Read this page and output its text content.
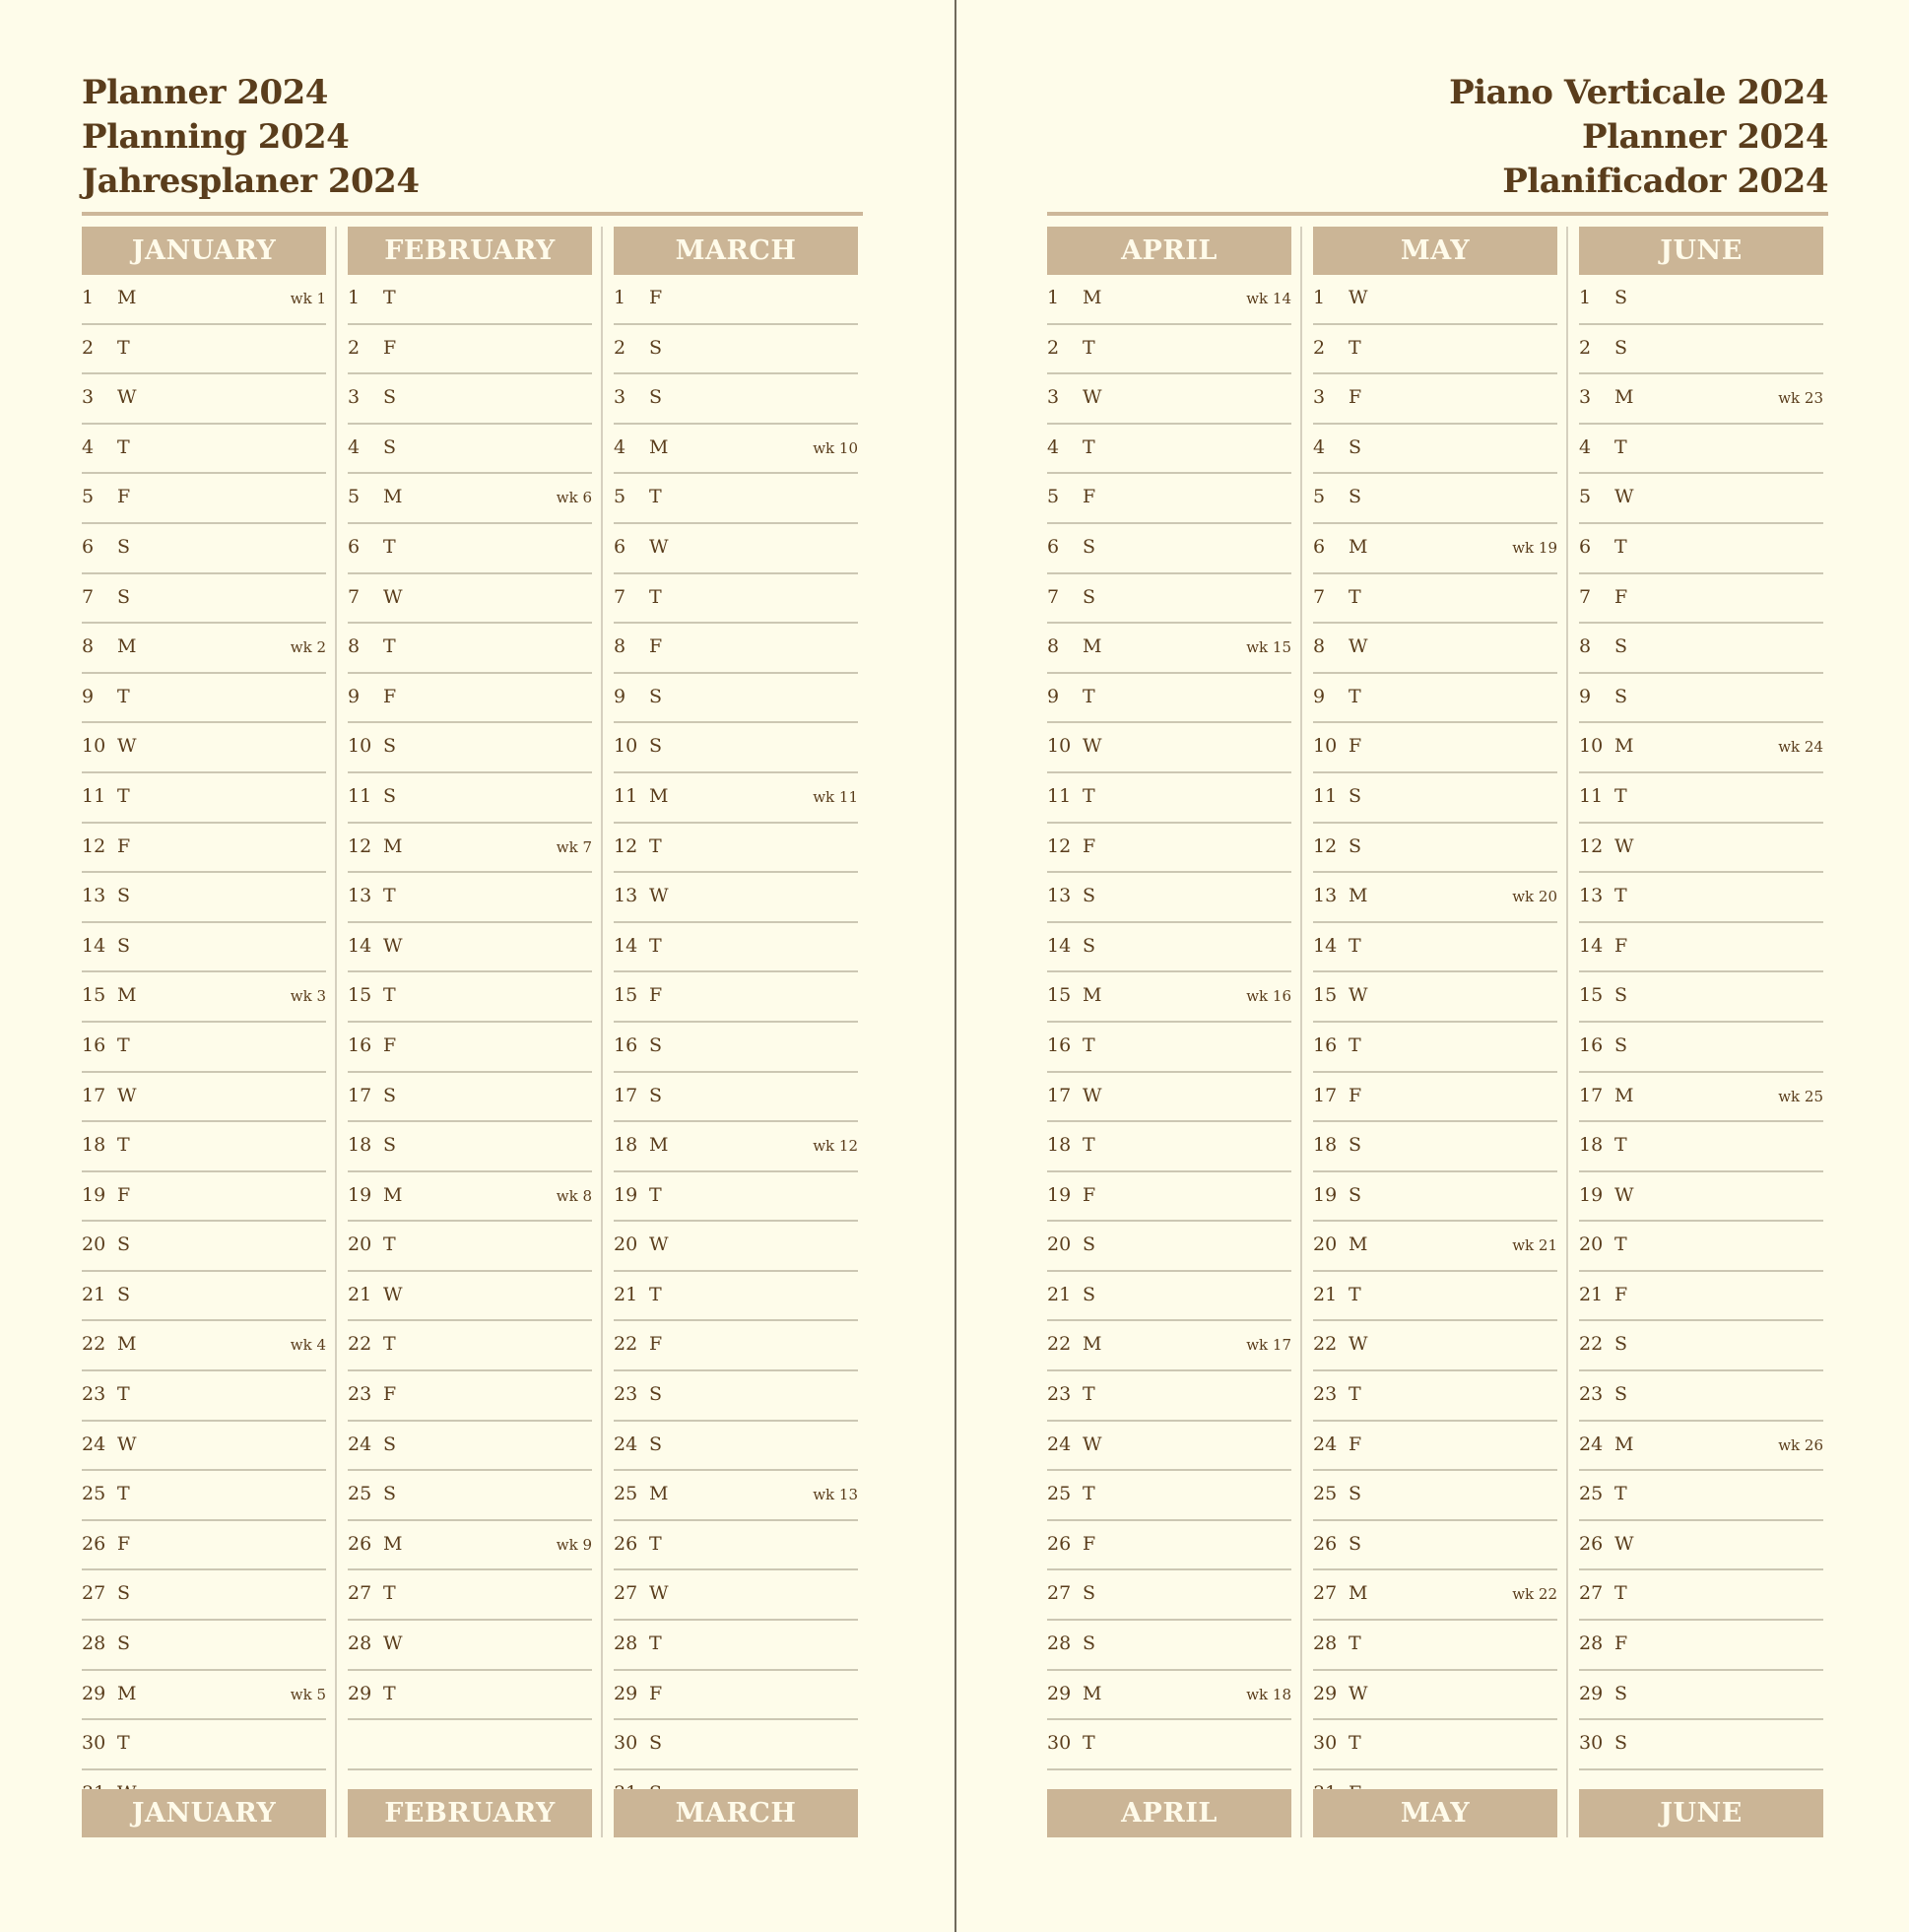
Planner 2024
Planning 2024
Jahresplaner 2024
JANUARY
1	M	wk 1
2	T
3	W
4	T
5	F
6	S
7	S
8	M	wk 2
9	T
10 W
11 T
12 F
13 S
14 S
15 M	wk 3
16 T
17 W
18 T
19 F
20 S
21 S
22 M	wk 4
23 T
24 W
25 T
26 F
27 S
28 S
29 M	wk 5
30 T
JANUARY
FEBRUARY
1	T
2	F
3	S
4	S
5	M	wk 6
6	T
7	W
8	T
9	F
10 S
11 S
12 M	wk 7
13 T
14 W
15 T
16 F
17 S
18 S
19 M	wk 8
20 T
21 W
22 T
23 F
24 S
25 S
26 M	wk 9
27 T
28 W
29 T
FEBRUARY
MARCH
1	F
2	S
3	S
4	M	wk 10
5	T
6	W
7	T
8	F
9	S
10 S
11 M	wk 11
12 T
13 W
14 T
15 F
16 S
17 S
18 M	wk 12
19 T
20 W
21 T
22 F
23 S
24 S
25 M	wk 13
26 T
27 W
28 T
29 F
30 S
MARCH
Piano Verticale 2024
Planner 2024
Planificador 2024
APRIL
1	M	wk 14
2	T
3	W
4	T
5	F
6	S
7	S
8	M	wk 15
9	T
10 W
11 T
12 F
13 S
14 S
15 M	wk 16
16 T
17 W
18 T
19 F
20 S
21 S
22 M	wk 17
23 T
24 W
25 T
26 F
27 S
28 S
29 M	wk 18
30 T
APRIL
MAY
1	W
2	T
3	F
4	S
5	S
6	M	wk 19
7	T
8	W
9	T
10 F
11 S
12 S
13 M	wk 20
14 T
15 W
16 T
17 F
18 S
19 S
20 M	wk 21
21 T
22 W
23 T
24 F
25 S
26 S
27 M	wk 22
28 T
29 W
30 T
MAY
JUNE
1	S
2	S
3	M	wk 23
4	T
5	W
6	T
7	F
8	S
9	S
10 M	wk 24
11 T
12 W
13 T
14 F
15 S
16 S
17 M	wk 25
18 T
19 W
20 T
21 F
22 S
23 S
24 M	wk 26
25 T
26 W
27 T
28 F
29 S
30 S
JUNE
